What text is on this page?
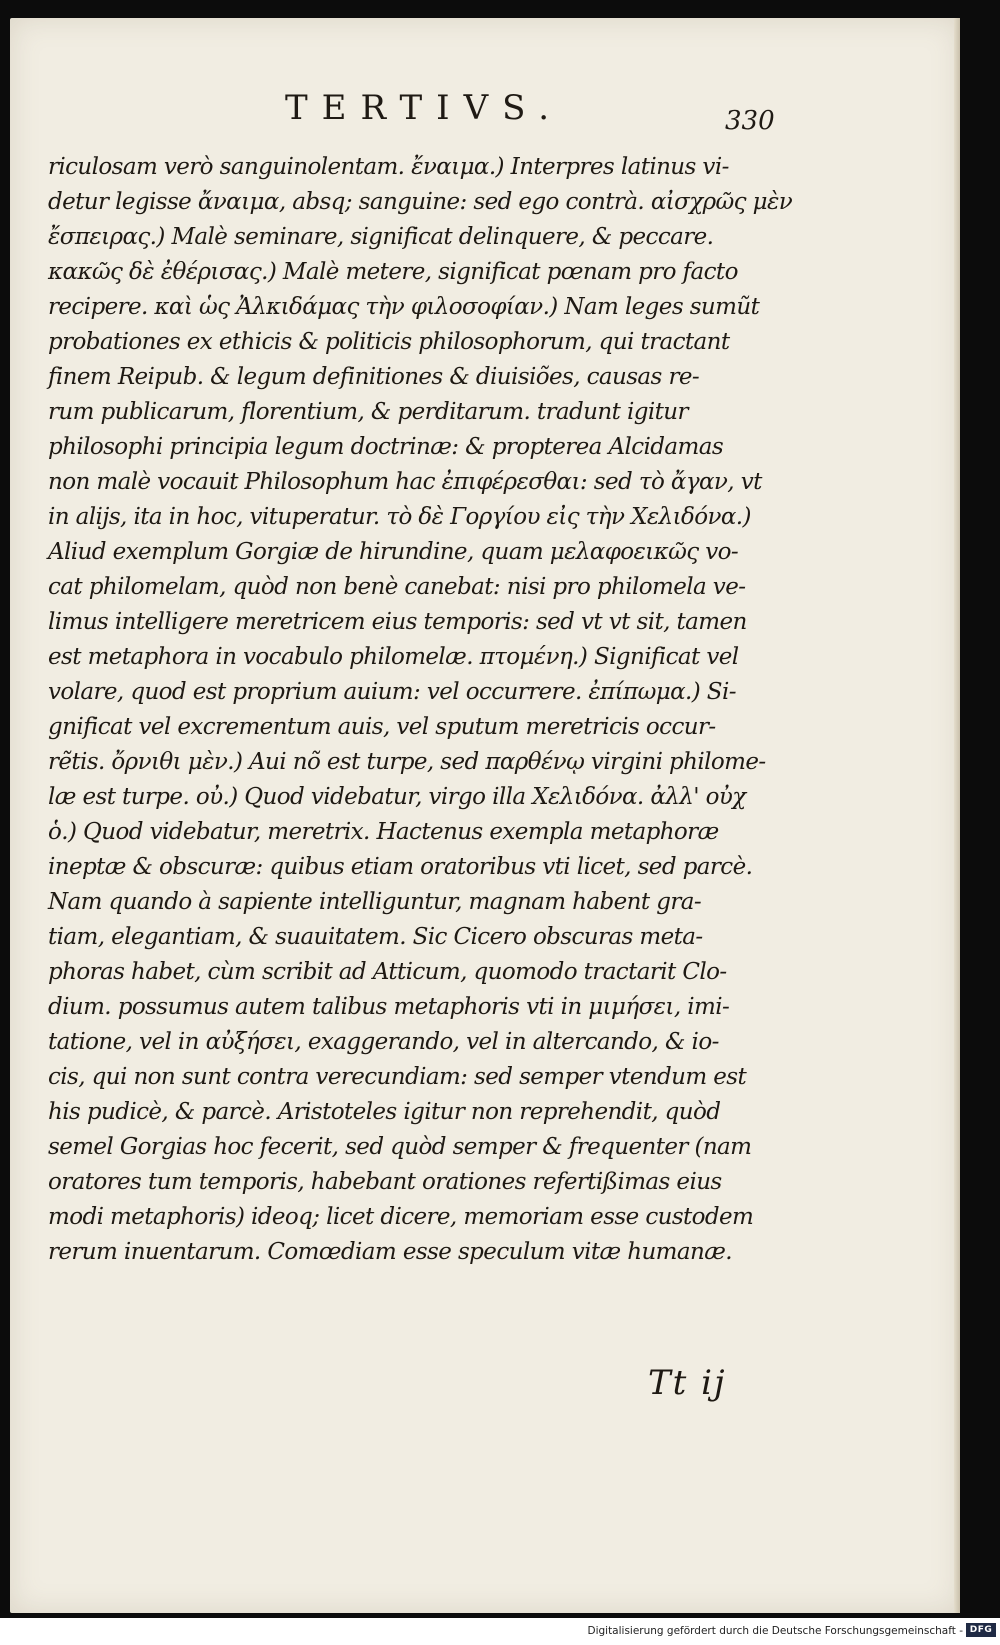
TERTIVS.	330
riculosam verò sanguinolentam. ἔναιμα.) Interpres latinus vi-
detur legisse ἄναιμα, absq; sanguine: sed ego contrà. αἰσχρῶς μὲν
ἔσπειρας.) Malè seminare, significat delinquere, & peccare.
κακῶς δὲ ἐθέρισας.) Malè metere, significat pœnam pro facto
recipere. καὶ ὡς Ἀλκιδάμας τὴν φιλοσοφίαν.) Nam leges sumũt
probationes ex ethicis & politicis philosophorum, qui tractant
finem Reipub. & legum definitiones & diuisiões, causas re-
rum publicarum, florentium, & perditarum. tradunt igitur
philosophi principia legum doctrinæ: & propterea Alcidamas
non malè vocauit Philosophum hac ἐπιφέρεσθαι: sed τὸ ἄγαν, vt
in alijs, ita in hoc, vituperatur. τὸ δὲ Γοργίου εἰς τὴν Χελιδόνα.)
Aliud exemplum Gorgiæ de hirundine, quam μελαφοεικῶς vo-
cat philomelam, quòd non benè canebat: nisi pro philomela ve-
limus intelligere meretricem eius temporis: sed vt vt sit, tamen
est metaphora in vocabulo philomelæ. πτομένη.) Significat vel
volare, quod est proprium auium: vel occurrere. ἐπίπωμα.) Si-
gnificat vel excrementum auis, vel sputum meretricis occur-
rẽtis. ὄρνιθι μὲν.) Aui nõ est turpe, sed παρθένῳ virgini philome-
læ est turpe. οὐ.) Quod videbatur, virgo illa Χελιδόνα. ἀλλ' οὐχ
ὁ.) Quod videbatur, meretrix. Hactenus exempla metaphoræ
ineptæ & obscuræ: quibus etiam oratoribus vti licet, sed parcè.
Nam quando à sapiente intelliguntur, magnam habent gra-
tiam, elegantiam, & suauitatem. Sic Cicero obscuras meta-
phoras habet, cùm scribit ad Atticum, quomodo tractarit Clo-
dium. possumus autem talibus metaphoris vti in μιμήσει, imi-
tatione, vel in αὐξήσει, exaggerando, vel in altercando, & io-
cis, qui non sunt contra verecundiam: sed semper vtendum est
his pudicè, & parcè. Aristoteles igitur non reprehendit, quòd
semel Gorgias hoc fecerit, sed quòd semper & frequenter (nam
oratores tum temporis, habebant orationes refertißimas eius
modi metaphoris) ideoq; licet dicere, memoriam esse custodem
rerum inuentarum. Comœdiam esse speculum vitæ humanæ.
Tt ij
Digitalisierung gefördert durch die Deutsche Forschungsgemeinschaft - DFG
